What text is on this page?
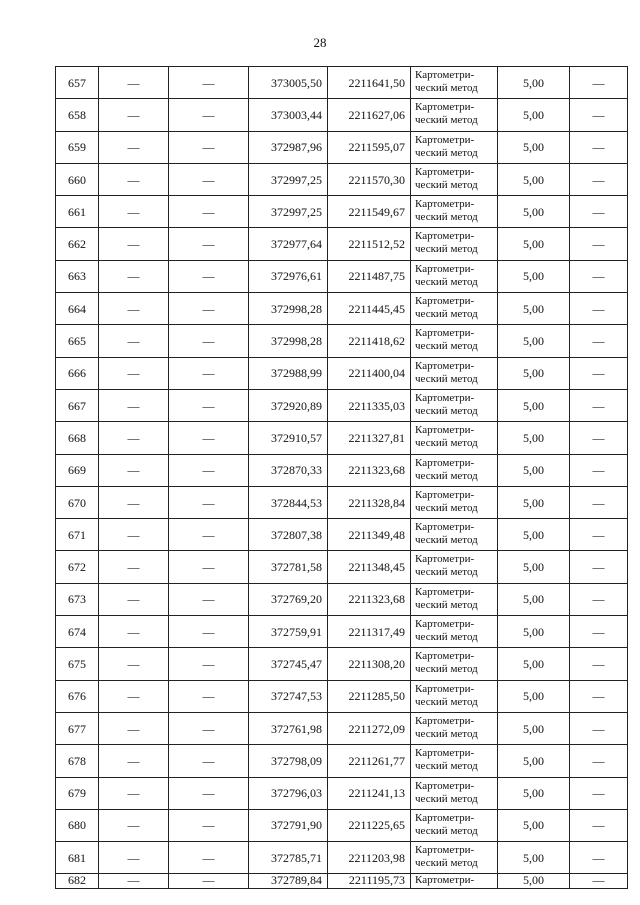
28
657	—	—	373005,50	2211641,50	Картометри-ческий метод	5,00	—
658	—	—	373003,44	2211627,06	Картометри-ческий метод	5,00	—
659	—	—	372987,96	2211595,07	Картометри-ческий метод	5,00	—
660	—	—	372997,25	2211570,30	Картометри-ческий метод	5,00	—
661	—	—	372997,25	2211549,67	Картометри-ческий метод	5,00	—
662	—	—	372977,64	2211512,52	Картометри-ческий метод	5,00	—
663	—	—	372976,61	2211487,75	Картометри-ческий метод	5,00	—
664	—	—	372998,28	2211445,45	Картометри-ческий метод	5,00	—
665	—	—	372998,28	2211418,62	Картометри-ческий метод	5,00	—
666	—	—	372988,99	2211400,04	Картометри-ческий метод	5,00	—
667	—	—	372920,89	2211335,03	Картометри-ческий метод	5,00	—
668	—	—	372910,57	2211327,81	Картометри-ческий метод	5,00	—
669	—	—	372870,33	2211323,68	Картометри-ческий метод	5,00	—
670	—	—	372844,53	2211328,84	Картометри-ческий метод	5,00	—
671	—	—	372807,38	2211349,48	Картометри-ческий метод	5,00	—
672	—	—	372781,58	2211348,45	Картометри-ческий метод	5,00	—
673	—	—	372769,20	2211323,68	Картометри-ческий метод	5,00	—
674	—	—	372759,91	2211317,49	Картометри-ческий метод	5,00	—
675	—	—	372745,47	2211308,20	Картометри-ческий метод	5,00	—
676	—	—	372747,53	2211285,50	Картометри-ческий метод	5,00	—
677	—	—	372761,98	2211272,09	Картометри-ческий метод	5,00	—
678	—	—	372798,09	2211261,77	Картометри-ческий метод	5,00	—
679	—	—	372796,03	2211241,13	Картометри-ческий метод	5,00	—
680	—	—	372791,90	2211225,65	Картометри-ческий метод	5,00	—
681	—	—	372785,71	2211203,98	Картометри-ческий метод	5,00	—
682	—	—	372789,84	2211195,73	Картометри-	5,00	—
